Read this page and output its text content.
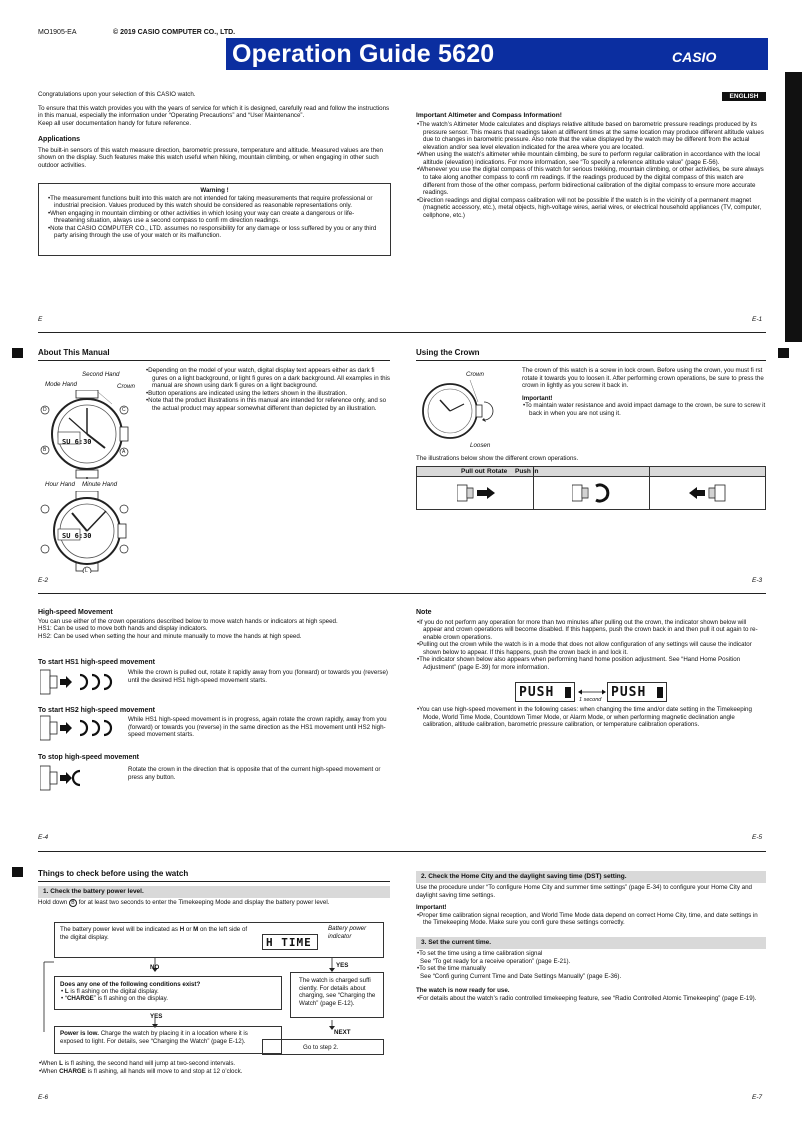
MO1905-EA	© 2019 CASIO COMPUTER CO., LTD.
Operation Guide 5620	CASIO
ENGLISH
Congratulations upon your selection of this CASIO watch.
To ensure that this watch provides you with the years of service for which it is designed, carefully read and follow the instructions in this manual, especially the information under “Operating Precautions” and “User Maintenance”.
Keep all user documentation handy for future reference.
Applications
The built-in sensors of this watch measure direction, barometric pressure, temperature and altitude. Measured values are then shown on the display. Such features make this watch useful when hiking, mountain climbing, or when engaging in other such outdoor activities.
Warning !
• The measurement functions built into this watch are not intended for taking measurements that require professional or industrial precision. Values produced by this watch should be considered as reasonable representations only.
• When engaging in mountain climbing or other activities in which losing your way can create a dangerous or life-threatening situation, always use a second compass to confi rm direction readings.
• Note that CASIO COMPUTER CO., LTD. assumes no responsibility for any damage or loss suffered by you or any third party arising through the use of your watch or its malfunction.
Important Altimeter and Compass Information!
• The watch’s Altimeter Mode calculates and displays relative altitude based on barometric pressure readings produced by its pressure sensor. This means that readings taken at different times at the same location may produce different altitude values due to changes in barometric pressure. Also note that the value displayed by the watch may be different from the actual elevation and/or sea level elevation indicated for the area where you are located.
• When using the watch’s altimeter while mountain climbing, be sure to perform regular calibration in accordance with the local altitude (elevation) indications. For more information, see “To specify a reference altitude value” (page E-56).
• Whenever you use the digital compass of this watch for serious trekking, mountain climbing, or other activities, be sure always to take along another compass to confi rm readings. If the readings produced by the digital compass of this watch are different from those of the other compass, perform bidirectional calibration of the digital compass to ensure more accurate readings.
• Direction readings and digital compass calibration will not be possible if the watch is in the vicinity of a permanent magnet (magnetic accessory, etc.), metal objects, high-voltage wires, aerial wires, or electrical household appliances (TV, computer, cellphone, etc.)
E	E-1
About This Manual
Second Hand
Mode Hand	Crown
Hour Hand Minute Hand
SU 6:30
D	C
B	A
SU 6:30
L
• Depending on the model of your watch, digital display text appears either as dark fi gures on a light background, or light fi gures on a dark background. All examples in this manual are shown using dark fi gures on a light background.
• Button operations are indicated using the letters shown in the illustration.
• Note that the product illustrations in this manual are intended for reference only, and so the actual product may appear somewhat different than depicted by an illustration.
E-2
Using the Crown
Crown
Loosen
The crown of this watch is a screw in lock crown. Before using the crown, you must fi rst rotate it towards you to loosen it. After performing crown operations, be sure to press the crown in lightly as you screw it back in.
Important!
• To maintain water resistance and avoid impact damage to the crown, be sure to screw it back in when you are not using it.
The illustrations below show the different crown operations.
Pull out Rotate Push in
E-3
High-speed Movement
You can use either of the crown operations described below to move watch hands or indicators at high speed.
HS1: Can be used to move both hands and display indicators.
HS2: Can be used when setting the hour and minute manually to move the hands at high speed.
To start HS1 high-speed movement
While the crown is pulled out, rotate it rapidly away from you (forward) or towards you (reverse) until the desired HS1 high-speed movement starts.
To start HS2 high-speed movement
While HS1 high-speed movement is in progress, again rotate the crown rapidly, away from you (forward) or towards you (reverse) in the same direction as the HS1 movement until HS2 high-speed movement starts.
To stop high-speed movement
Rotate the crown in the direction that is opposite that of the current high-speed movement or press any button.
E-4
Note
• If you do not perform any operation for more than two minutes after pulling out the crown, the indicator shown below will appear and crown operations will become disabled. If this happens, push the crown back in and then pull it out again to re-enable crown operations.
• Pulling out the crown while the watch is in a mode that does not allow configuration of any settings will cause the indicator shown below to appear. If this happens, push the crown back in and lock it.
• The indicator shown below also appears when performing hand home position adjustment. See “Hand Home Position Adjustment” (page E-39) for more information.
PUSH	1 second PUSH
• You can use high-speed movement in the following cases: when changing the time and/or date setting in the Timekeeping Mode, World Time Mode, Countdown Timer Mode, or Alarm Mode, or when performing magnetic declination angle calibration, altitude calibration, barometric pressure calibration, or temperature calibration operations.
E-5
Things to check before using the watch
1. Check the battery power level.
Hold down B for at least two seconds to enter the Timekeeping Mode and display the battery power level.
The battery power level will be indicated as H or M on the left side of the digital display.	H TIME
Battery power indicator
NO	YES
Does any one of the following conditions exist?
• L is fl ashing on the digital display.
• “CHARGE” is fl ashing on the display.
YES
The watch is charged suffi ciently. For details about charging, see “Charging the Watch” (page E-12).
Power is low. Charge the watch by placing it in a location where it is exposed to light. For details, see “Charging the Watch” (page E-12).
NEXT
Go to step 2.
• When L is fl ashing, the second hand will jump at two-second intervals.
• When CHARGE is fl ashing, all hands will move to and stop at 12 o’clock.
E-6
2. Check the Home City and the daylight saving time (DST) setting.
Use the procedure under “To configure Home City and summer time settings” (page E-34) to configure your Home City and daylight saving time settings.
Important!
• Proper time calibration signal reception, and World Time Mode data depend on correct Home City, time, and date settings in the Timekeeping Mode. Make sure you confi gure these settings correctly.
3. Set the current time.
• To set the time using a time calibration signal
See “To get ready for a receive operation” (page E-21).
• To set the time manually
See “Confi guring Current Time and Date Settings Manually” (page E-36).
The watch is now ready for use.
• For details about the watch’s radio controlled timekeeping feature, see “Radio Controlled Atomic Timekeeping” (page E-19).
E-7
